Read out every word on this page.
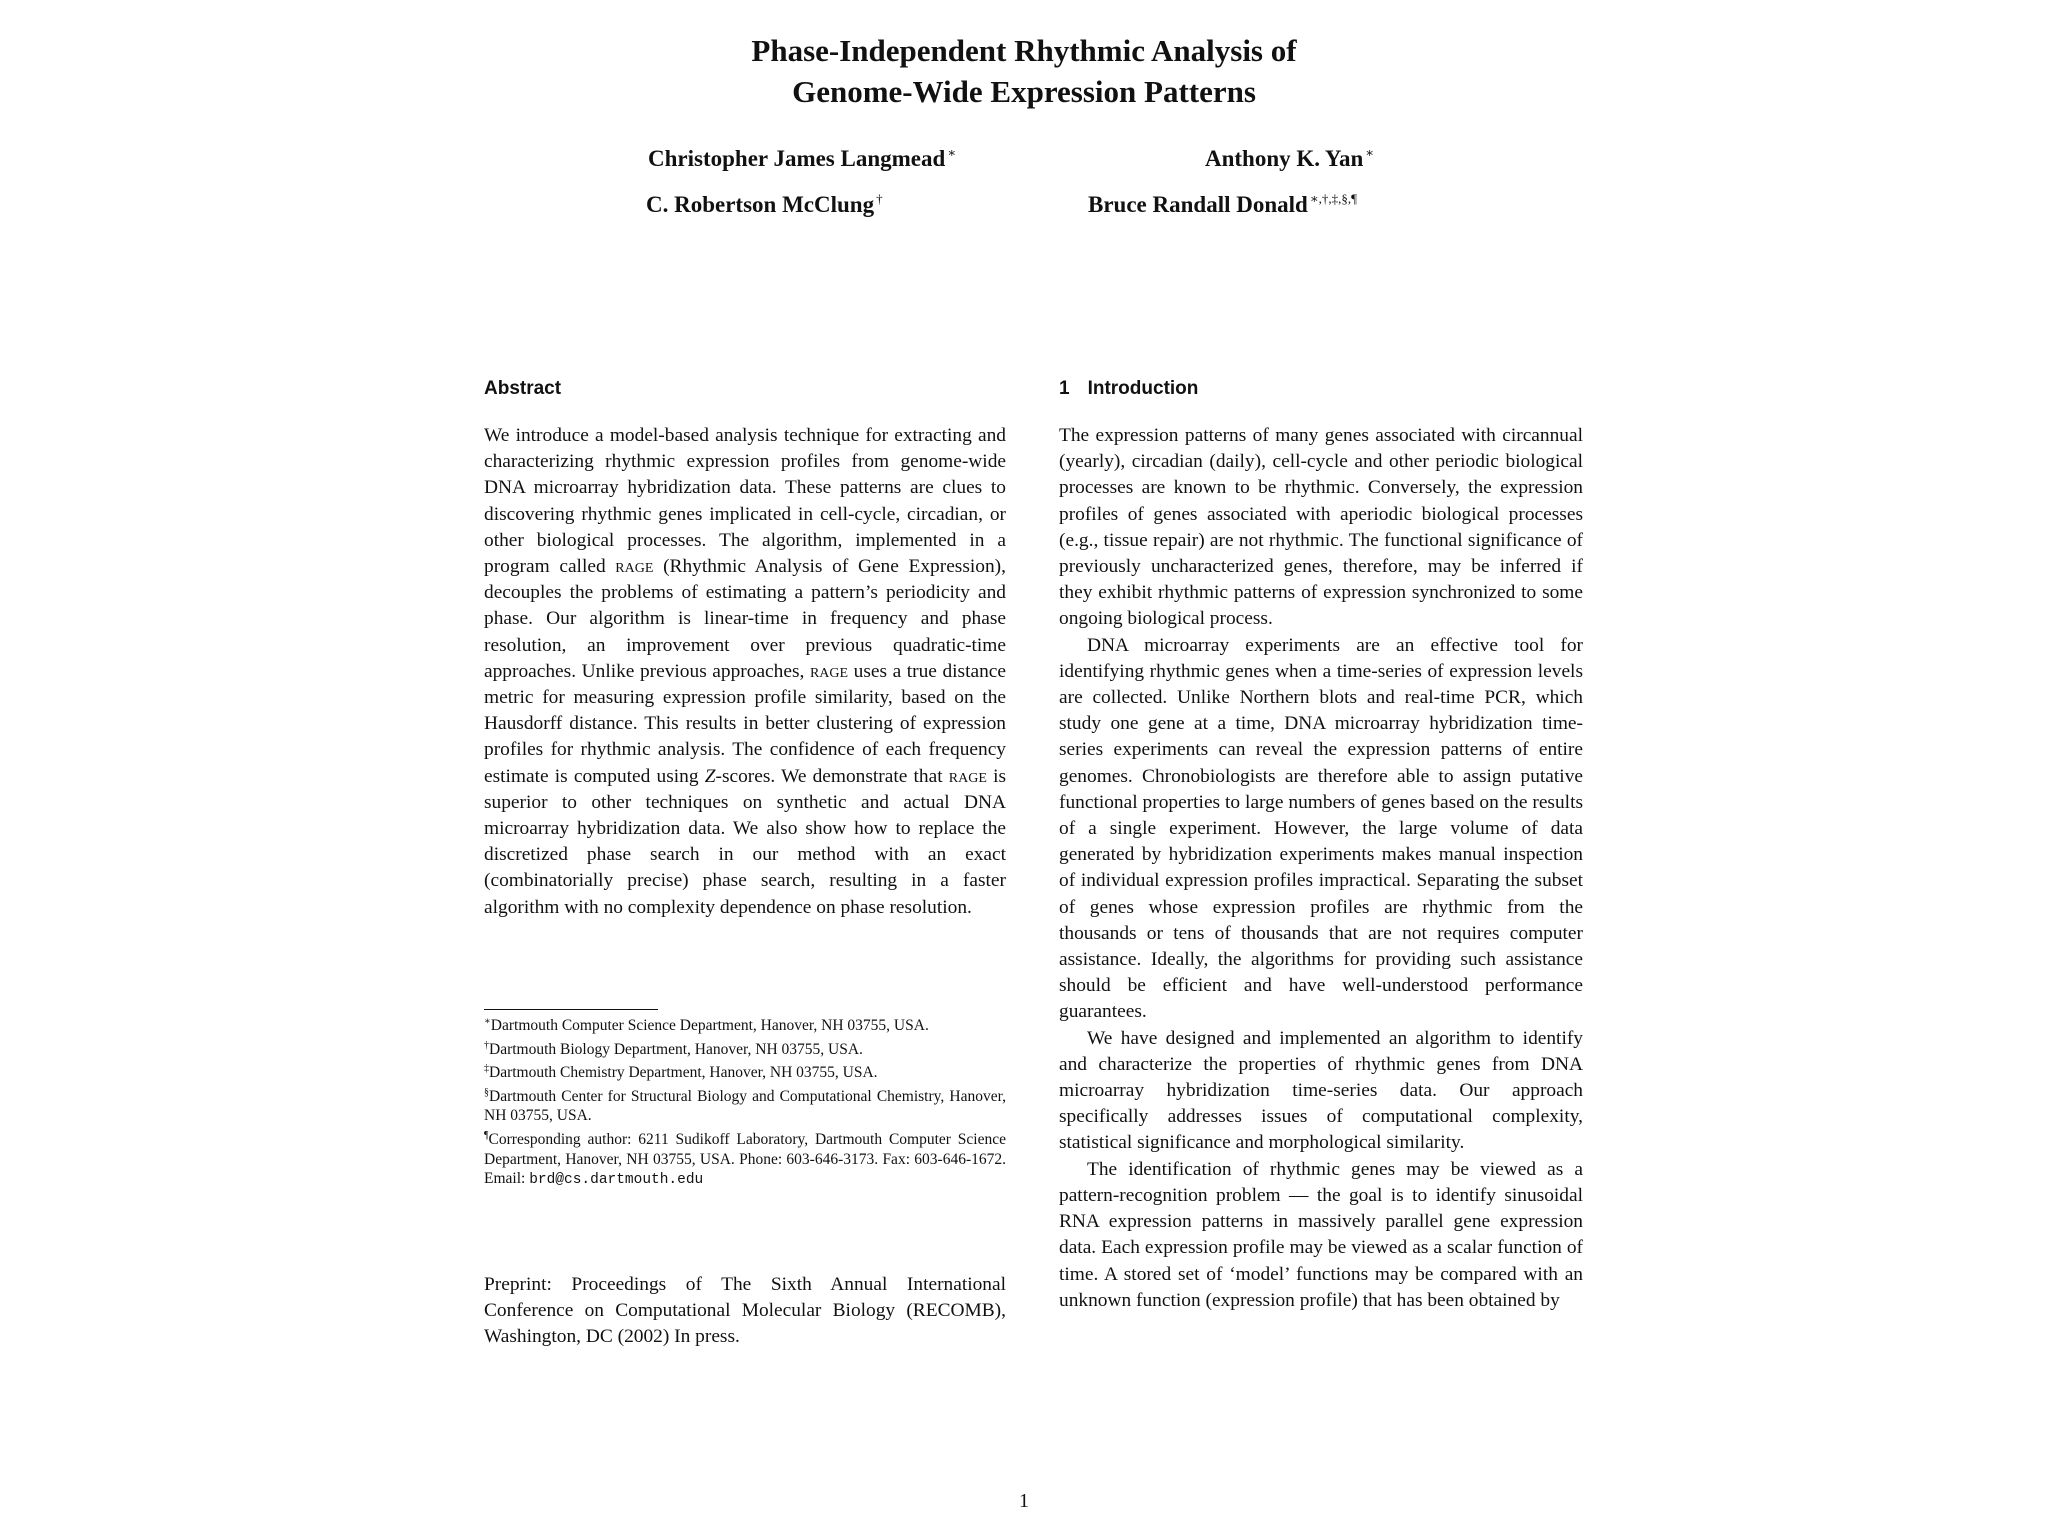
Phase-Independent Rhythmic Analysis of
Genome-Wide Expression Patterns
Christopher James Langmead ∗	Anthony K. Yan ∗
C. Robertson McClung †	Bruce Randall Donald ∗,†,‡,§,¶
Abstract

We introduce a model-based analysis technique for extracting and characterizing rhythmic expression profiles from genome-wide DNA microarray hybridization data. These patterns are clues to discovering rhythmic genes implicated in cell-cycle, circadian, or other biological processes. The algorithm, implemented in a program called rage (Rhythmic Analysis of Gene Expression), decouples the problems of estimating a pattern’s periodicity and phase. Our algorithm is linear-time in frequency and phase resolution, an improvement over previous quadratic-time approaches. Unlike previous approaches, rage uses a true distance metric for measuring expression profile similarity, based on the Hausdorff distance. This results in better clustering of expression profiles for rhythmic analysis. The confidence of each frequency estimate is computed using Z-scores. We demonstrate that rage is superior to other techniques on synthetic and actual DNA microarray hybridization data. We also show how to replace the discretized phase search in our method with an exact (combinatorially precise) phase search, resulting in a faster algorithm with no complexity dependence on phase resolution.

∗Dartmouth Computer Science Department, Hanover, NH 03755, USA.

†Dartmouth Biology Department, Hanover, NH 03755, USA.

‡Dartmouth Chemistry Department, Hanover, NH 03755, USA.

§Dartmouth Center for Structural Biology and Computational Chemistry, Hanover, NH 03755, USA.

¶Corresponding author: 6211 Sudikoff Laboratory, Dartmouth Computer Science Department, Hanover, NH 03755, USA. Phone: 603-646-3173. Fax: 603-646-1672. Email: brd@cs.dartmouth.edu

Preprint: Proceedings of The Sixth Annual International Conference on Computational Molecular Biology (RECOMB), Washington, DC (2002) In press.
1 Introduction

The expression patterns of many genes associated with circannual (yearly), circadian (daily), cell-cycle and other periodic biological processes are known to be rhythmic. Conversely, the expression profiles of genes associated with aperiodic biological processes (e.g., tissue repair) are not rhythmic. The functional significance of previously uncharacterized genes, therefore, may be inferred if they exhibit rhythmic patterns of expression synchronized to some ongoing biological process.

DNA microarray experiments are an effective tool for identifying rhythmic genes when a time-series of expression levels are collected. Unlike Northern blots and real-time PCR, which study one gene at a time, DNA microarray hybridization time-series experiments can reveal the expression patterns of entire genomes. Chronobiologists are therefore able to assign putative functional properties to large numbers of genes based on the results of a single experiment. However, the large volume of data generated by hybridization experiments makes manual inspection of individual expression profiles impractical. Separating the subset of genes whose expression profiles are rhythmic from the thousands or tens of thousands that are not requires computer assistance. Ideally, the algorithms for providing such assistance should be efficient and have well-understood performance guarantees.

We have designed and implemented an algorithm to identify and characterize the properties of rhythmic genes from DNA microarray hybridization time-series data. Our approach specifically addresses issues of computational complexity, statistical significance and morphological similarity.

The identification of rhythmic genes may be viewed as a pattern-recognition problem — the goal is to identify sinusoidal RNA expression patterns in massively parallel gene expression data. Each expression profile may be viewed as a scalar function of time. A stored set of ‘model’ functions may be compared with an unknown function (expression profile) that has been obtained by

1
